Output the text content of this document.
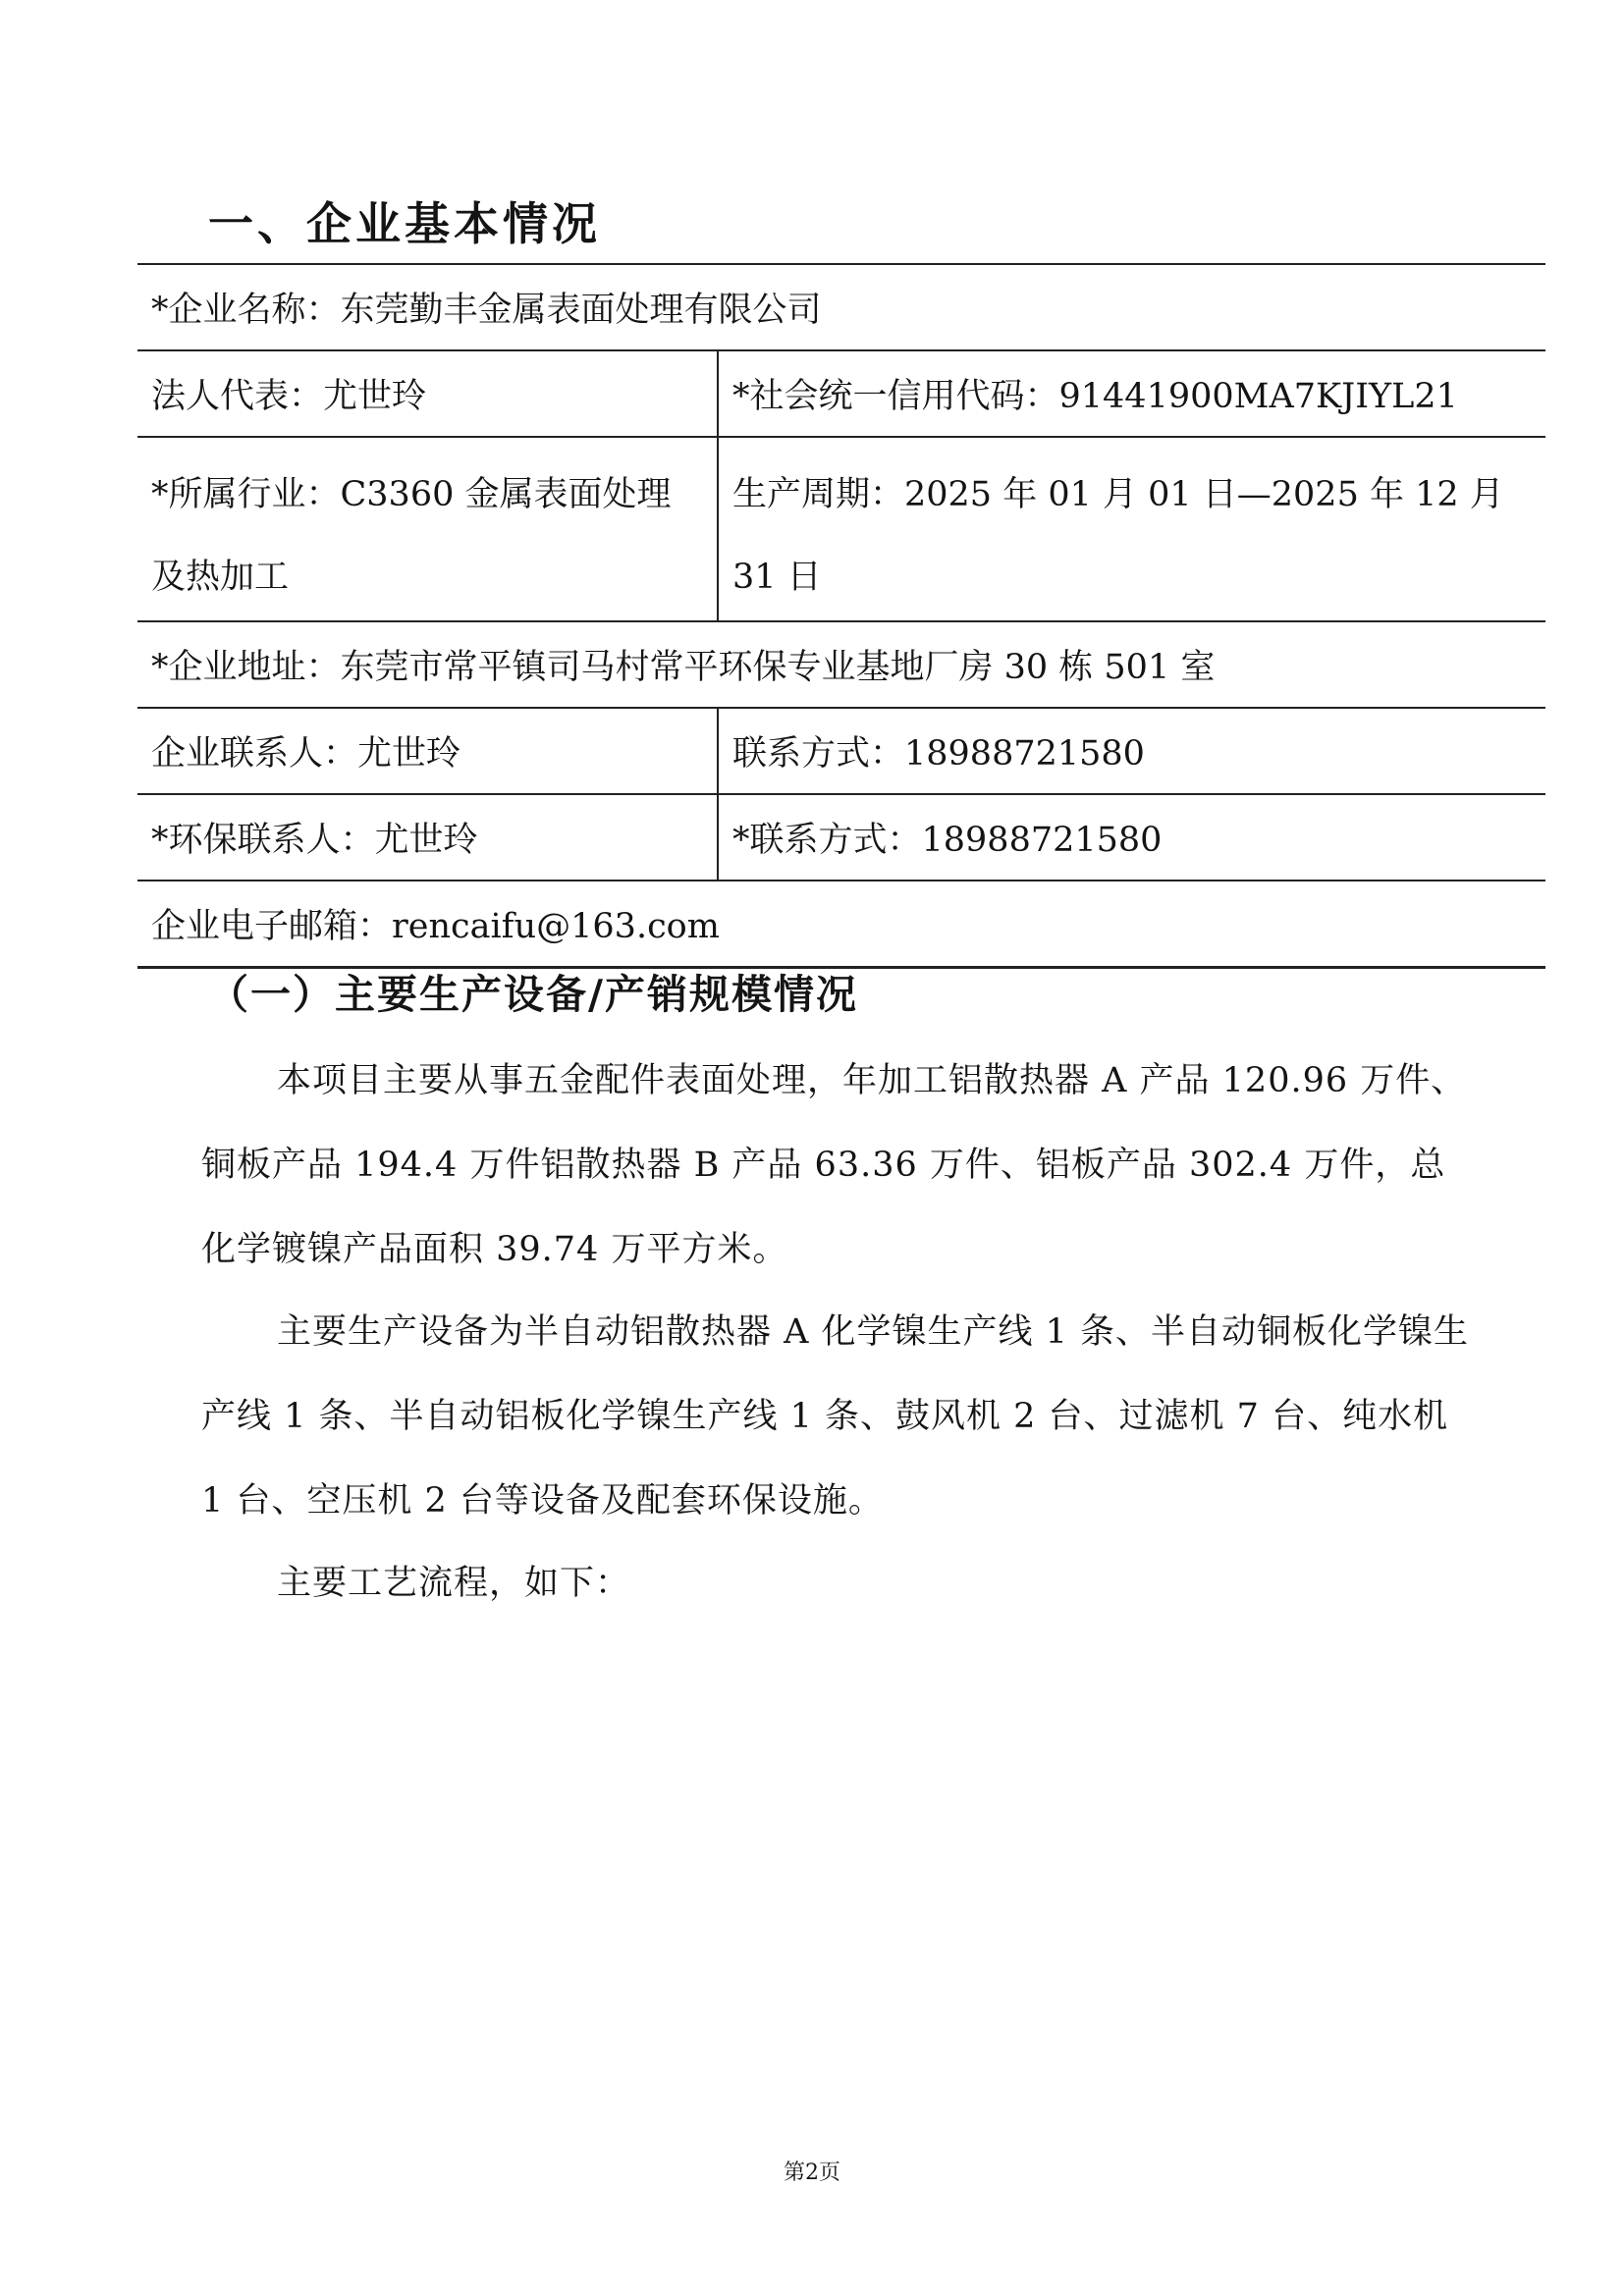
一、企业基本情况
*企业名称：东莞勤丰金属表面处理有限公司	
法人代表：尤世玲	*社会统一信用代码：91441900MA7KJIYL21
*所属行业：C3360 金属表面处理及热加工	生产周期：2025 年 01 月 01 日—2025 年 12 月 31 日
*企业地址：东莞市常平镇司马村常平环保专业基地厂房 30 栋 501 室	
企业联系人：尤世玲	联系方式：18988721580
*环保联系人：尤世玲	*联系方式：18988721580
企业电子邮箱：rencaifu@163.com	
（一）主要生产设备/产销规模情况
本项目主要从事五金配件表面处理，年加工铝散热器 A 产品 120.96 万件、铜板产品 194.4 万件铝散热器 B 产品 63.36 万件、铝板产品 302.4 万件，总化学镀镍产品面积 39.74 万平方米。
主要生产设备为半自动铝散热器 A 化学镍生产线 1 条、半自动铜板化学镍生产线 1 条、半自动铝板化学镍生产线 1 条、鼓风机 2 台、过滤机 7 台、纯水机 1 台、空压机 2 台等设备及配套环保设施。
主要工艺流程，如下：
第2页
